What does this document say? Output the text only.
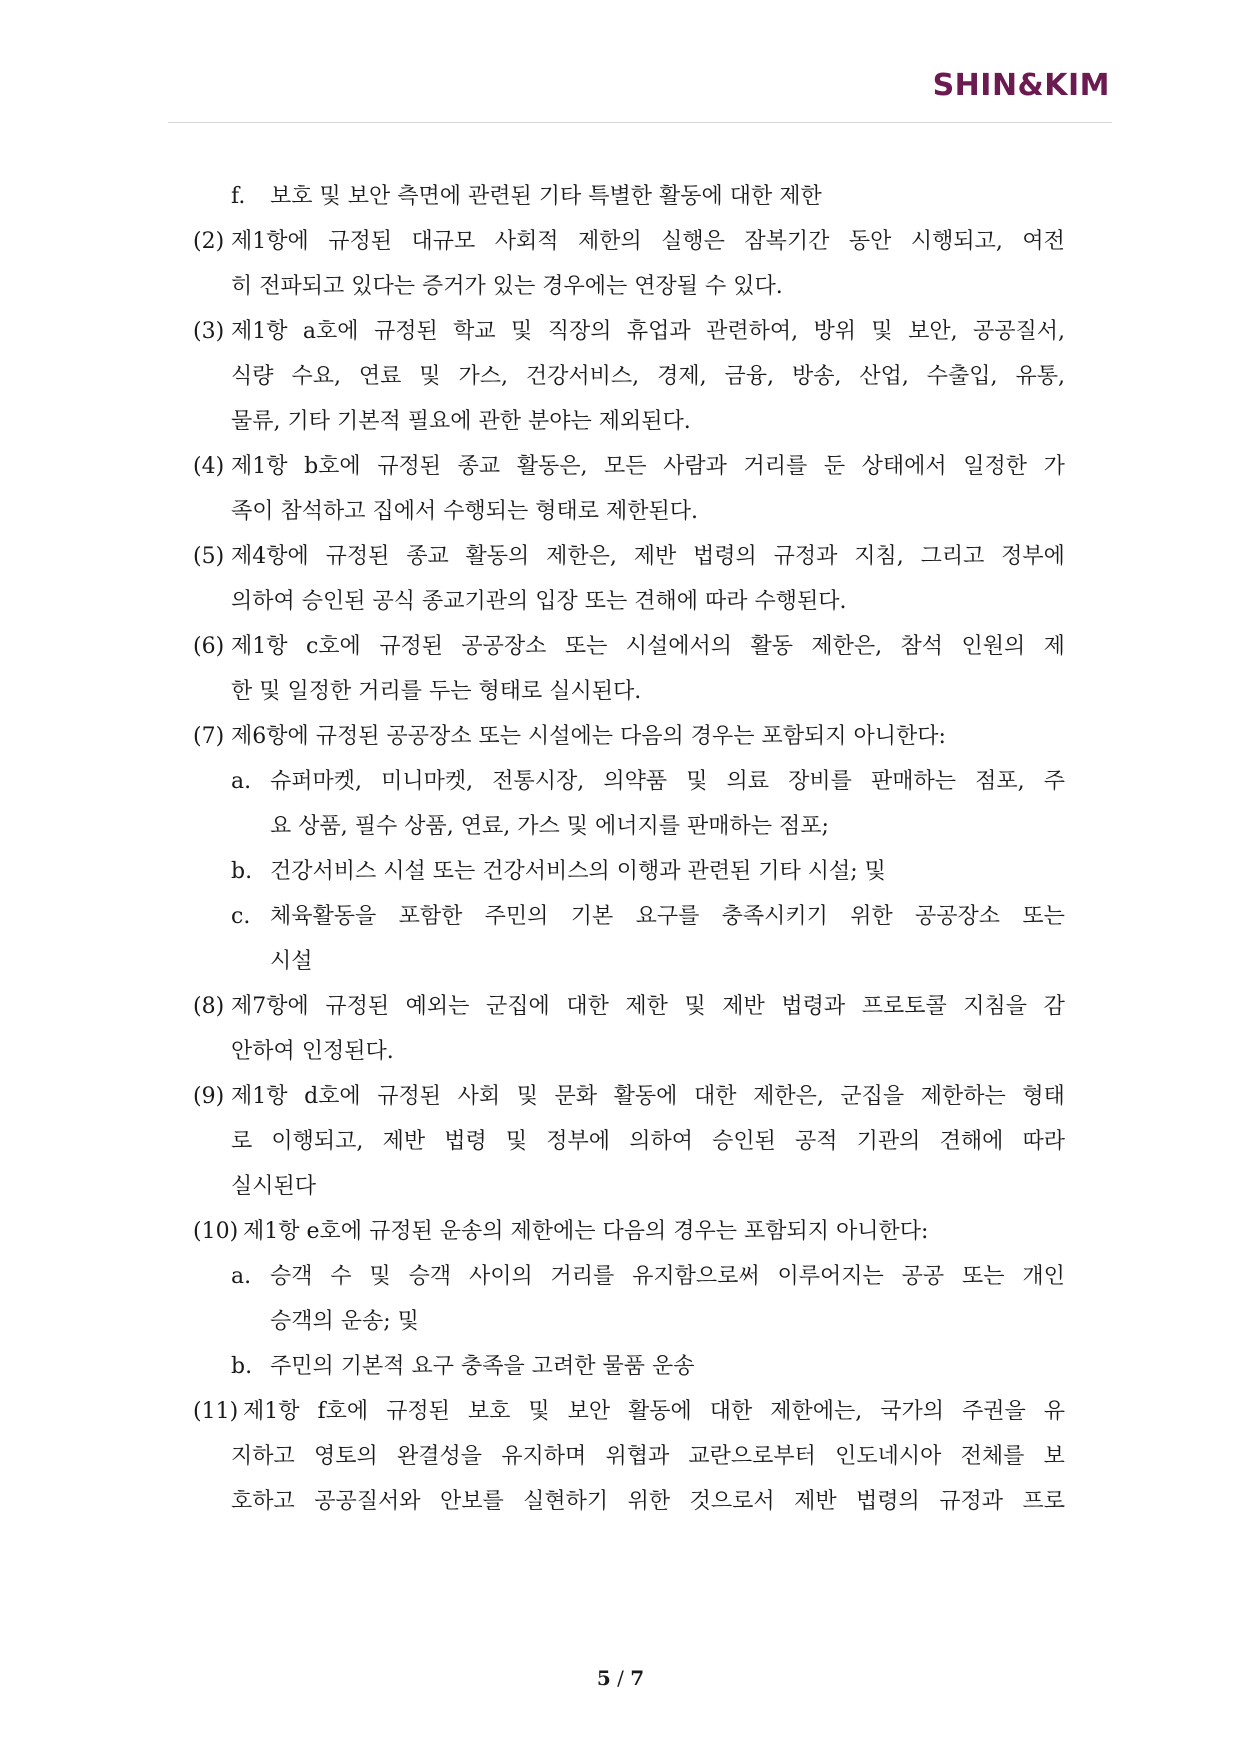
SHIN&KIM
f. 보호 및 보안 측면에 관련된 기타 특별한 활동에 대한 제한
(2) 제1항에 규정된 대규모 사회적 제한의 실행은 잠복기간 동안 시행되고, 여전
히 전파되고 있다는 증거가 있는 경우에는 연장될 수 있다.
(3) 제1항 a호에 규정된 학교 및 직장의 휴업과 관련하여, 방위 및 보안, 공공질서,
식량 수요, 연료 및 가스, 건강서비스, 경제, 금융, 방송, 산업, 수출입, 유통,
물류, 기타 기본적 필요에 관한 분야는 제외된다.
(4) 제1항 b호에 규정된 종교 활동은, 모든 사람과 거리를 둔 상태에서 일정한 가
족이 참석하고 집에서 수행되는 형태로 제한된다.
(5) 제4항에 규정된 종교 활동의 제한은, 제반 법령의 규정과 지침, 그리고 정부에
의하여 승인된 공식 종교기관의 입장 또는 견해에 따라 수행된다.
(6) 제1항 c호에 규정된 공공장소 또는 시설에서의 활동 제한은, 참석 인원의 제
한 및 일정한 거리를 두는 형태로 실시된다.
(7) 제6항에 규정된 공공장소 또는 시설에는 다음의 경우는 포함되지 아니한다:
a. 슈퍼마켓, 미니마켓, 전통시장, 의약품 및 의료 장비를 판매하는 점포, 주
요 상품, 필수 상품, 연료, 가스 및 에너지를 판매하는 점포;
b. 건강서비스 시설 또는 건강서비스의 이행과 관련된 기타 시설; 및
c. 체육활동을 포함한 주민의 기본 요구를 충족시키기 위한 공공장소 또는
시설
(8) 제7항에 규정된 예외는 군집에 대한 제한 및 제반 법령과 프로토콜 지침을 감
안하여 인정된다.
(9) 제1항 d호에 규정된 사회 및 문화 활동에 대한 제한은, 군집을 제한하는 형태
로 이행되고, 제반 법령 및 정부에 의하여 승인된 공적 기관의 견해에 따라
실시된다
(10) 제1항 e호에 규정된 운송의 제한에는 다음의 경우는 포함되지 아니한다:
a. 승객 수 및 승객 사이의 거리를 유지함으로써 이루어지는 공공 또는 개인
승객의 운송; 및
b. 주민의 기본적 요구 충족을 고려한 물품 운송
(11) 제1항 f호에 규정된 보호 및 보안 활동에 대한 제한에는, 국가의 주권을 유
지하고 영토의 완결성을 유지하며 위협과 교란으로부터 인도네시아 전체를 보
호하고 공공질서와 안보를 실현하기 위한 것으로서 제반 법령의 규정과 프로
5 / 7
